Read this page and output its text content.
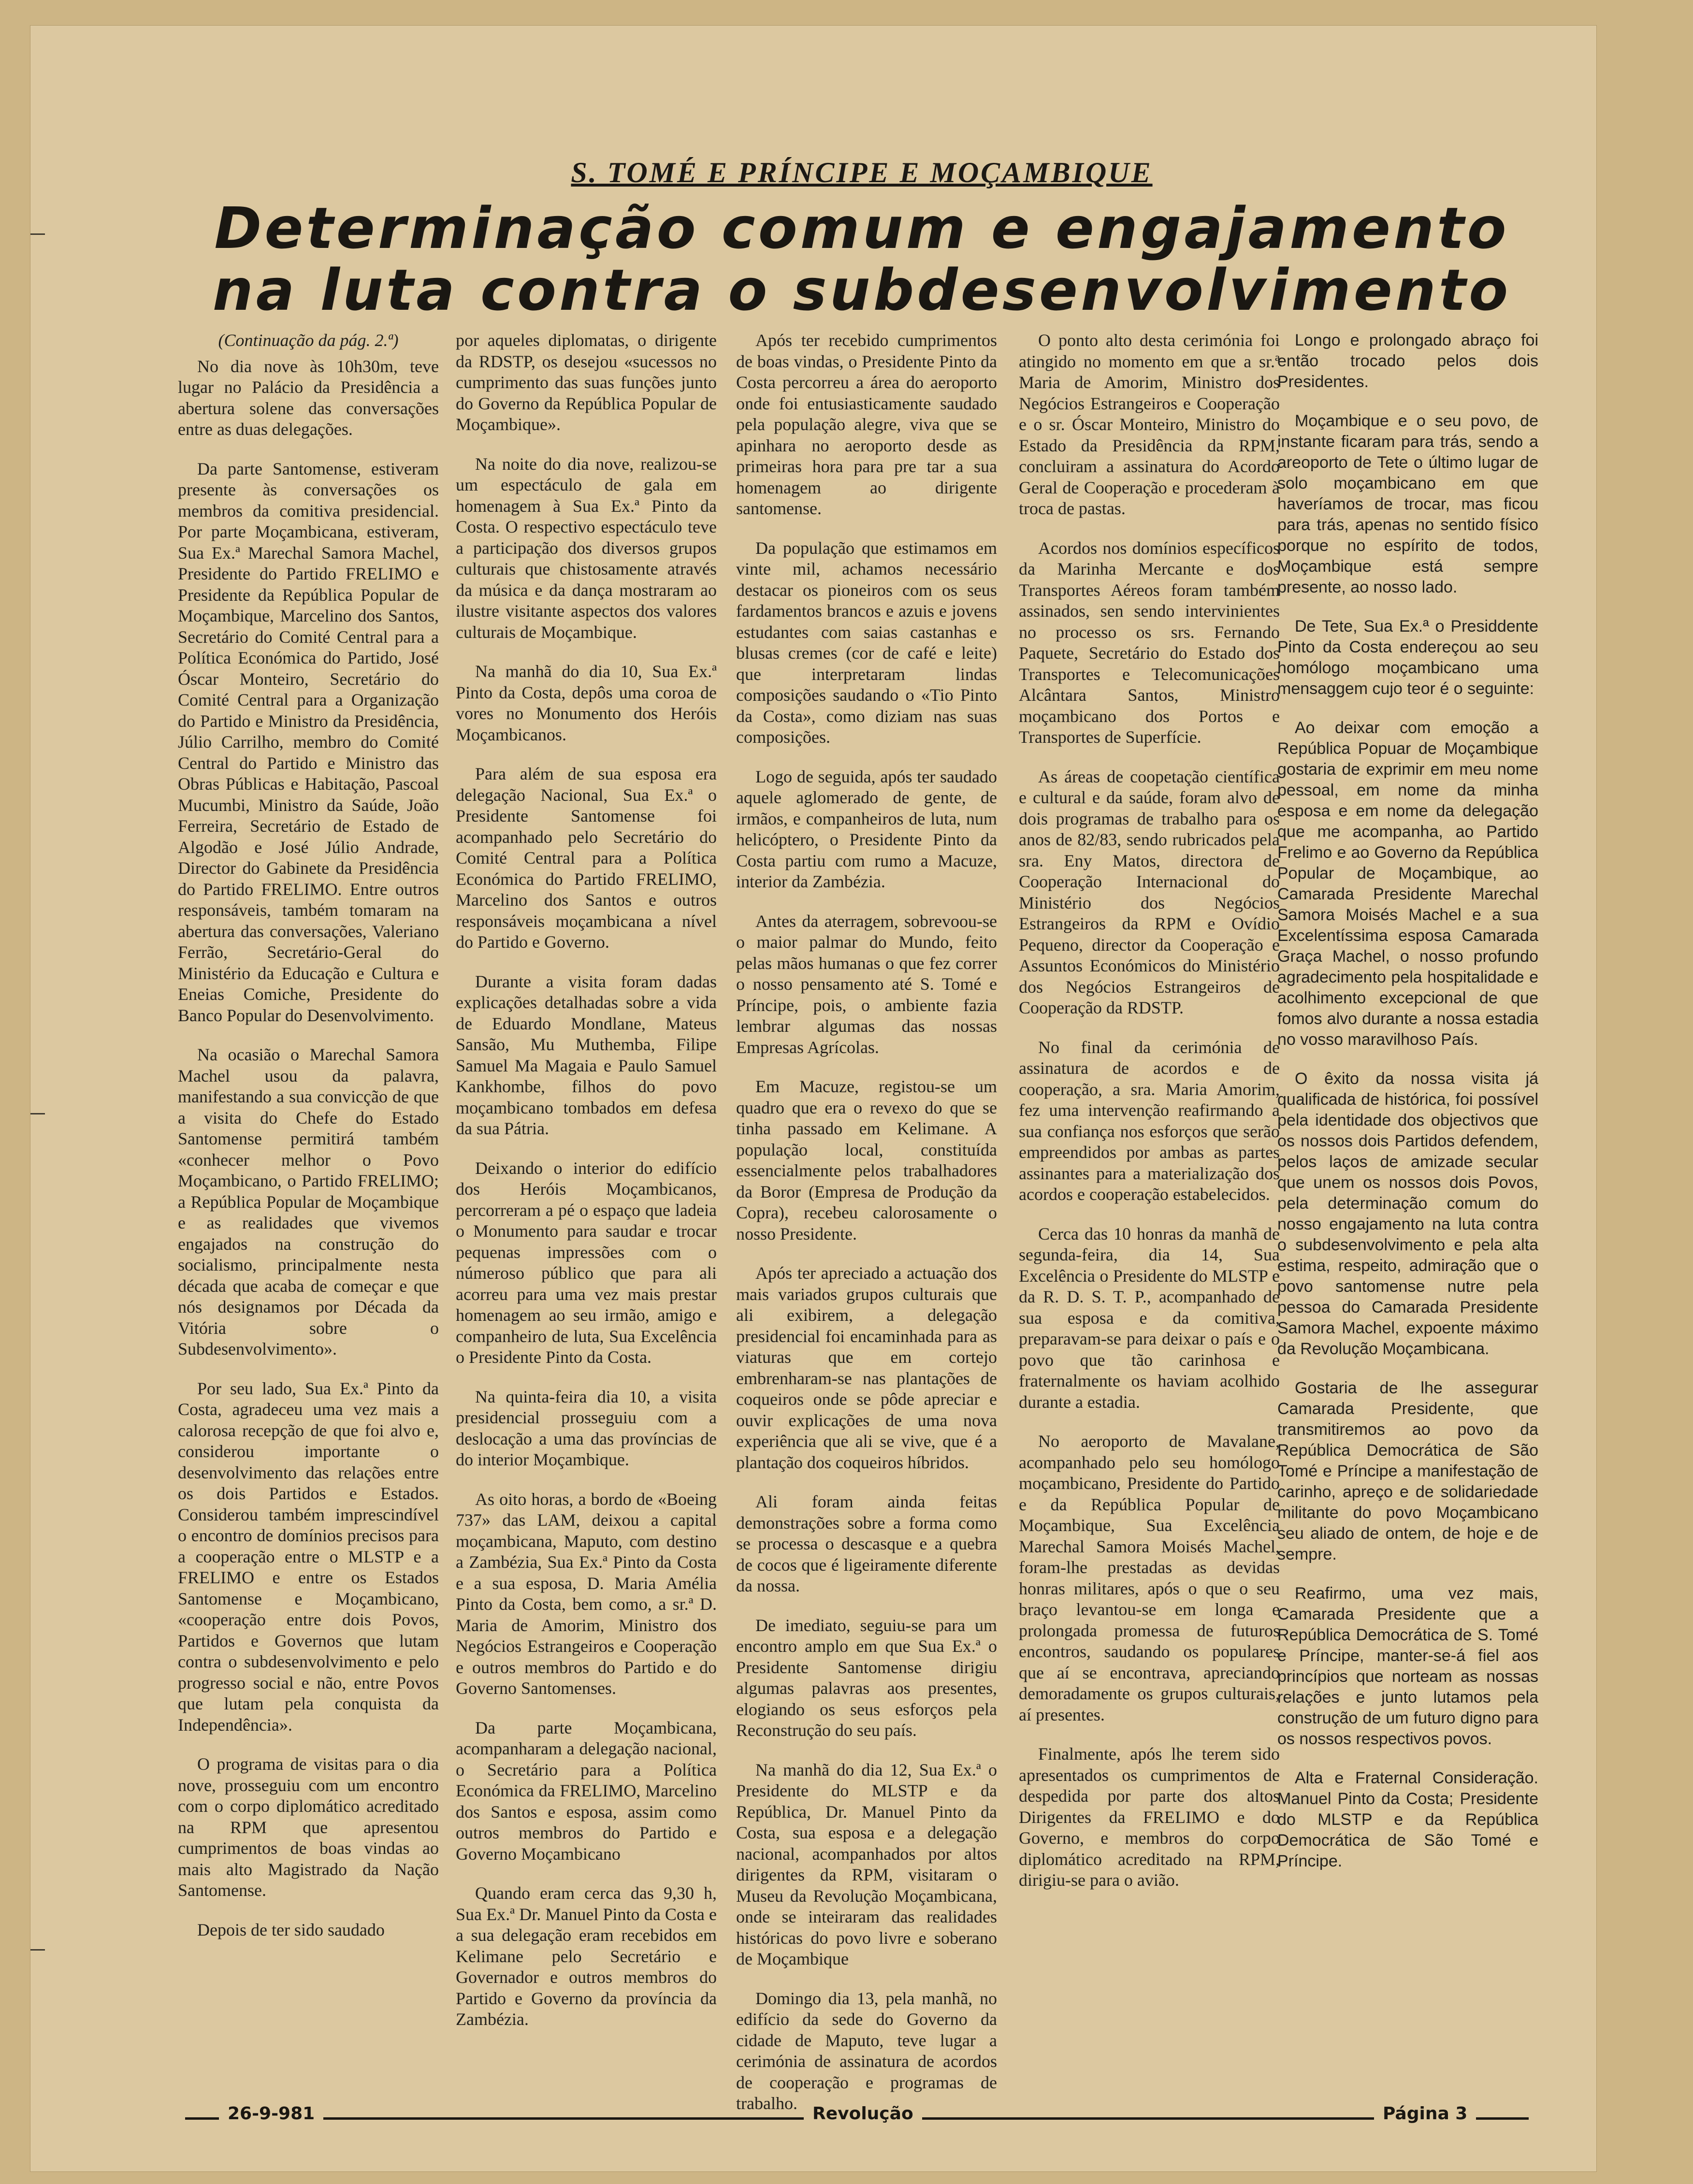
S. TOMÉ E PRÍNCIPE E MOÇAMBIQUE
Determinação comum e engajamento
na luta contra o subdesenvolvimento

(Continuação da pág. 2.ª)

No dia nove às 10h30m, teve lugar no Palácio da Presidência a abertura solene das conversações entre as duas delegações.

Da parte Santomense, estiveram presente às conversações os membros da comitiva presidencial. Por parte Moçambicana, estiveram, Sua Ex.ª Marechal Samora Machel, Presidente do Partido FRELIMO e Presidente da República Popular de Moçambique, Marcelino dos Santos, Secretário do Comité Central para a Política Económica do Partido, José Óscar Monteiro, Secretário do Comité Central para a Organização do Partido e Ministro da Presidência, Júlio Carrilho, membro do Comité Central do Partido e Ministro das Obras Públicas e Habitação, Pascoal Mucumbi, Ministro da Saúde, João Ferreira, Secretário de Estado de Algodão e José Júlio Andrade, Director do Gabinete da Presidência do Partido FRELIMO. Entre outros responsáveis, também tomaram na abertura das conversações, Valeriano Ferrão, Secretário-Geral do Ministério da Educação e Cultura e Eneias Comiche, Presidente do Banco Popular do Desenvolvimento.

Na ocasião o Marechal Samora Machel usou da palavra, manifestando a sua convicção de que a visita do Chefe do Estado Santomense permitirá também «conhecer melhor o Povo Moçambicano, o Partido FRELIMO; a República Popular de Moçambique e as realidades que vivemos engajados na construção do socialismo, principalmente nesta década que acaba de começar e que nós designamos por Década da Vitória sobre o Subdesenvolvimento».

Por seu lado, Sua Ex.ª Pinto da Costa, agradeceu uma vez mais a calorosa recepção de que foi alvo e, considerou importante o desenvolvimento das relações entre os dois Partidos e Estados. Considerou também imprescindível o encontro de domínios precisos para a cooperação entre o MLSTP e a FRELIMO e entre os Estados Santomense e Moçambicano, «cooperação entre dois Povos, Partidos e Governos que lutam contra o subdesenvolvimento e pelo progresso social e não, entre Povos que lutam pela conquista da Independência».

O programa de visitas para o dia nove, prosseguiu com um encontro com o corpo diplomático acreditado na RPM que apresentou cumprimentos de boas vindas ao mais alto Magistrado da Nação Santomense.

Depois de ter sido saudado

por aqueles diplomatas, o dirigente da RDSTP, os desejou «sucessos no cumprimento das suas funções junto do Governo da República Popular de Moçambique».

Na noite do dia nove, realizou-se um espectáculo de gala em homenagem à Sua Ex.ª Pinto da Costa. O respectivo espectáculo teve a participação dos diversos grupos culturais que chistosamente através da música e da dança mostraram ao ilustre visitante aspectos dos valores culturais de Moçambique.

Na manhã do dia 10, Sua Ex.ª Pinto da Costa, depôs uma coroa de vores no Monumento dos Heróis Moçambicanos.

Para além de sua esposa era delegação Nacional, Sua Ex.ª o Presidente Santomense foi acompanhado pelo Secretário do Comité Central para a Política Económica do Partido FRELIMO, Marcelino dos Santos e outros responsáveis moçambicana a nível do Partido e Governo.

Durante a visita foram dadas explicações detalhadas sobre a vida de Eduardo Mondlane, Mateus Sansão, Mu Muthemba, Filipe Samuel Ma Magaia e Paulo Samuel Kankhombe, filhos do povo moçambicano tombados em defesa da sua Pátria.

Deixando o interior do edifício dos Heróis Moçambicanos, percorreram a pé o espaço que ladeia o Monumento para saudar e trocar pequenas impressões com o númeroso público que para ali acorreu para uma vez mais prestar homenagem ao seu irmão, amigo e companheiro de luta, Sua Excelência o Presidente Pinto da Costa.

Na quinta-feira dia 10, a visita presidencial prosseguiu com a deslocação a uma das províncias de do interior Moçambique.

As oito horas, a bordo de «Boeing 737» das LAM, deixou a capital moçambicana, Maputo, com destino a Zambézia, Sua Ex.ª Pinto da Costa e a sua esposa, D. Maria Amélia Pinto da Costa, bem como, a sr.ª D. Maria de Amorim, Ministro dos Negócios Estrangeiros e Cooperação e outros membros do Partido e do Governo Santomenses.

Da parte Moçambicana, acompanharam a delegação nacional, o Secretário para a Política Económica da FRELIMO, Marcelino dos Santos e esposa, assim como outros membros do Partido e Governo Moçambicano

Quando eram cerca das 9,30 h, Sua Ex.ª Dr. Manuel Pinto da Costa e a sua delegação eram recebidos em Kelimane pelo Secretário e Governador e outros membros do Partido e Governo da província da Zambézia.

Após ter recebido cumprimentos de boas vindas, o Presidente Pinto da Costa percorreu a área do aeroporto onde foi entusiasticamente saudado pela população alegre, viva que se apinhara no aeroporto desde as primeiras hora para pre tar a sua homenagem ao dirigente santomense.

Da população que estimamos em vinte mil, achamos necessário destacar os pioneiros com os seus fardamentos brancos e azuis e jovens estudantes com saias castanhas e blusas cremes (cor de café e leite) que interpretaram lindas composições saudando o «Tio Pinto da Costa», como diziam nas suas composições.

Logo de seguida, após ter saudado aquele aglomerado de gente, de irmãos, e companheiros de luta, num helicóptero, o Presidente Pinto da Costa partiu com rumo a Macuze, interior da Zambézia.

Antes da aterragem, sobrevoou-se o maior palmar do Mundo, feito pelas mãos humanas o que fez correr o nosso pensamento até S. Tomé e Príncipe, pois, o ambiente fazia lembrar algumas das nossas Empresas Agrícolas.

Em Macuze, registou-se um quadro que era o revexo do que se tinha passado em Kelimane. A população local, constituída essencialmente pelos trabalhadores da Boror (Empresa de Produção da Copra), recebeu calorosamente o nosso Presidente.

Após ter apreciado a actuação dos mais variados grupos culturais que ali exibirem, a delegação presidencial foi encaminhada para as viaturas que em cortejo embrenharam-se nas plantações de coqueiros onde se pôde apreciar e ouvir explicações de uma nova experiência que ali se vive, que é a plantação dos coqueiros híbridos.

Ali foram ainda feitas demonstrações sobre a forma como se processa o descasque e a quebra de cocos que é ligeiramente diferente da nossa.

De imediato, seguiu-se para um encontro amplo em que Sua Ex.ª o Presidente Santomense dirigiu algumas palavras aos presentes, elogiando os seus esforços pela Reconstrução do seu país.

Na manhã do dia 12, Sua Ex.ª o Presidente do MLSTP e da República, Dr. Manuel Pinto da Costa, sua esposa e a delegação nacional, acompanhados por altos dirigentes da RPM, visitaram o Museu da Revolução Moçambicana, onde se inteiraram das realidades históricas do povo livre e soberano de Moçambique

Domingo dia 13, pela manhã, no edifício da sede do Governo da cidade de Maputo, teve lugar a cerimónia de assinatura de acordos de cooperação e programas de trabalho.

O ponto alto desta cerimónia foi atingido no momento em que a sr.ª Maria de Amorim, Ministro dos Negócios Estrangeiros e Cooperação e o sr. Óscar Monteiro, Ministro do Estado da Presidência da RPM, concluiram a assinatura do Acordo Geral de Cooperação e procederam à troca de pastas.

Acordos nos domínios específicos da Marinha Mercante e dos Transportes Aéreos foram também assinados, sen sendo intervinientes no processo os srs. Fernando Paquete, Secretário do Estado dos Transportes e Telecomunicações Alcântara Santos, Ministro moçambicano dos Portos e Transportes de Superfície.

As áreas de coopetação científica e cultural e da saúde, foram alvo de dois programas de trabalho para os anos de 82/83, sendo rubricados pela sra. Eny Matos, directora de Cooperação Internacional do Ministério dos Negócios Estrangeiros da RPM e Ovídio Pequeno, director da Cooperação e Assuntos Económicos do Ministério dos Negócios Estrangeiros de Cooperação da RDSTP.

No final da cerimónia de assinatura de acordos e de cooperação, a sra. Maria Amorim, fez uma intervenção reafirmando a sua confiança nos esforços que serão empreendidos por ambas as partes assinantes para a materialização dos acordos e cooperação estabelecidos.

Cerca das 10 honras da manhã de segunda-feira, dia 14, Sua Excelência o Presidente do MLSTP e da R. D. S. T. P., acompanhado de sua esposa e da comitiva, preparavam-se para deixar o país e o povo que tão carinhosa e fraternalmente os haviam acolhido durante a estadia.

No aeroporto de Mavalane, acompanhado pelo seu homólogo moçambicano, Presidente do Partido e da República Popular de Moçambique, Sua Excelência Marechal Samora Moisés Machel, foram-lhe prestadas as devidas honras militares, após o que o seu braço levantou-se em longa e prolongada promessa de futuros encontros, saudando os populares que aí se encontrava, apreciando demoradamente os grupos culturais, aí presentes.

Finalmente, após lhe terem sido apresentados os cumprimentos de despedida por parte dos altos Dirigentes da FRELIMO e do Governo, e membros do corpo diplomático acreditado na RPM, dirigiu-se para o avião.

Longo e prolongado abraço foi então trocado pelos dois Presidentes.

Moçambique e o seu povo, de instante ficaram para trás, sendo a areoporto de Tete o último lugar de solo moçambicano em que haveríamos de trocar, mas ficou para trás, apenas no sentido físico porque no espírito de todos, Moçambique está sempre presente, ao nosso lado.

De Tete, Sua Ex.ª o Presiddente Pinto da Costa endereçou ao seu homólogo moçambicano uma mensaggem cujo teor é o seguinte:

Ao deixar com emoção a República Popuar de Moçambique gostaria de exprimir em meu nome pessoal, em nome da minha esposa e em nome da delegação que me acompanha, ao Partido Frelimo e ao Governo da República Popular de Moçambique, ao Camarada Presidente Marechal Samora Moisés Machel e a sua Excelentíssima esposa Camarada Graça Machel, o nosso profundo agradecimento pela hospitalidade e acolhimento excepcional de que fomos alvo durante a nossa estadia no vosso maravilhoso País.

O êxito da nossa visita já qualificada de histórica, foi possível pela identidade dos objectivos que os nossos dois Partidos defendem, pelos laços de amizade secular que unem os nossos dois Povos, pela determinação comum do nosso engajamento na luta contra o subdesenvolvimento e pela alta estima, respeito, admiração que o povo santomense nutre pela pessoa do Camarada Presidente Samora Machel, expoente máximo da Revolução Moçambicana.

Gostaria de lhe assegurar Camarada Presidente, que transmitiremos ao povo da República Democrática de São Tomé e Príncipe a manifestação de carinho, apreço e de solidariedade militante do povo Moçambicano seu aliado de ontem, de hoje e de sempre.

Reafirmo, uma vez mais, Camarada Presidente que a República Democrática de S. Tomé e Príncipe, manter-se-á fiel aos princípios que norteam as nossas relações e junto lutamos pela construção de um futuro digno para os nossos respectivos povos.

Alta e Fraternal Consideração. Manuel Pinto da Costa; Presidente do MLSTP e da República Democrática de São Tomé e Príncipe.

26-9-981	Revolução	Página 3
